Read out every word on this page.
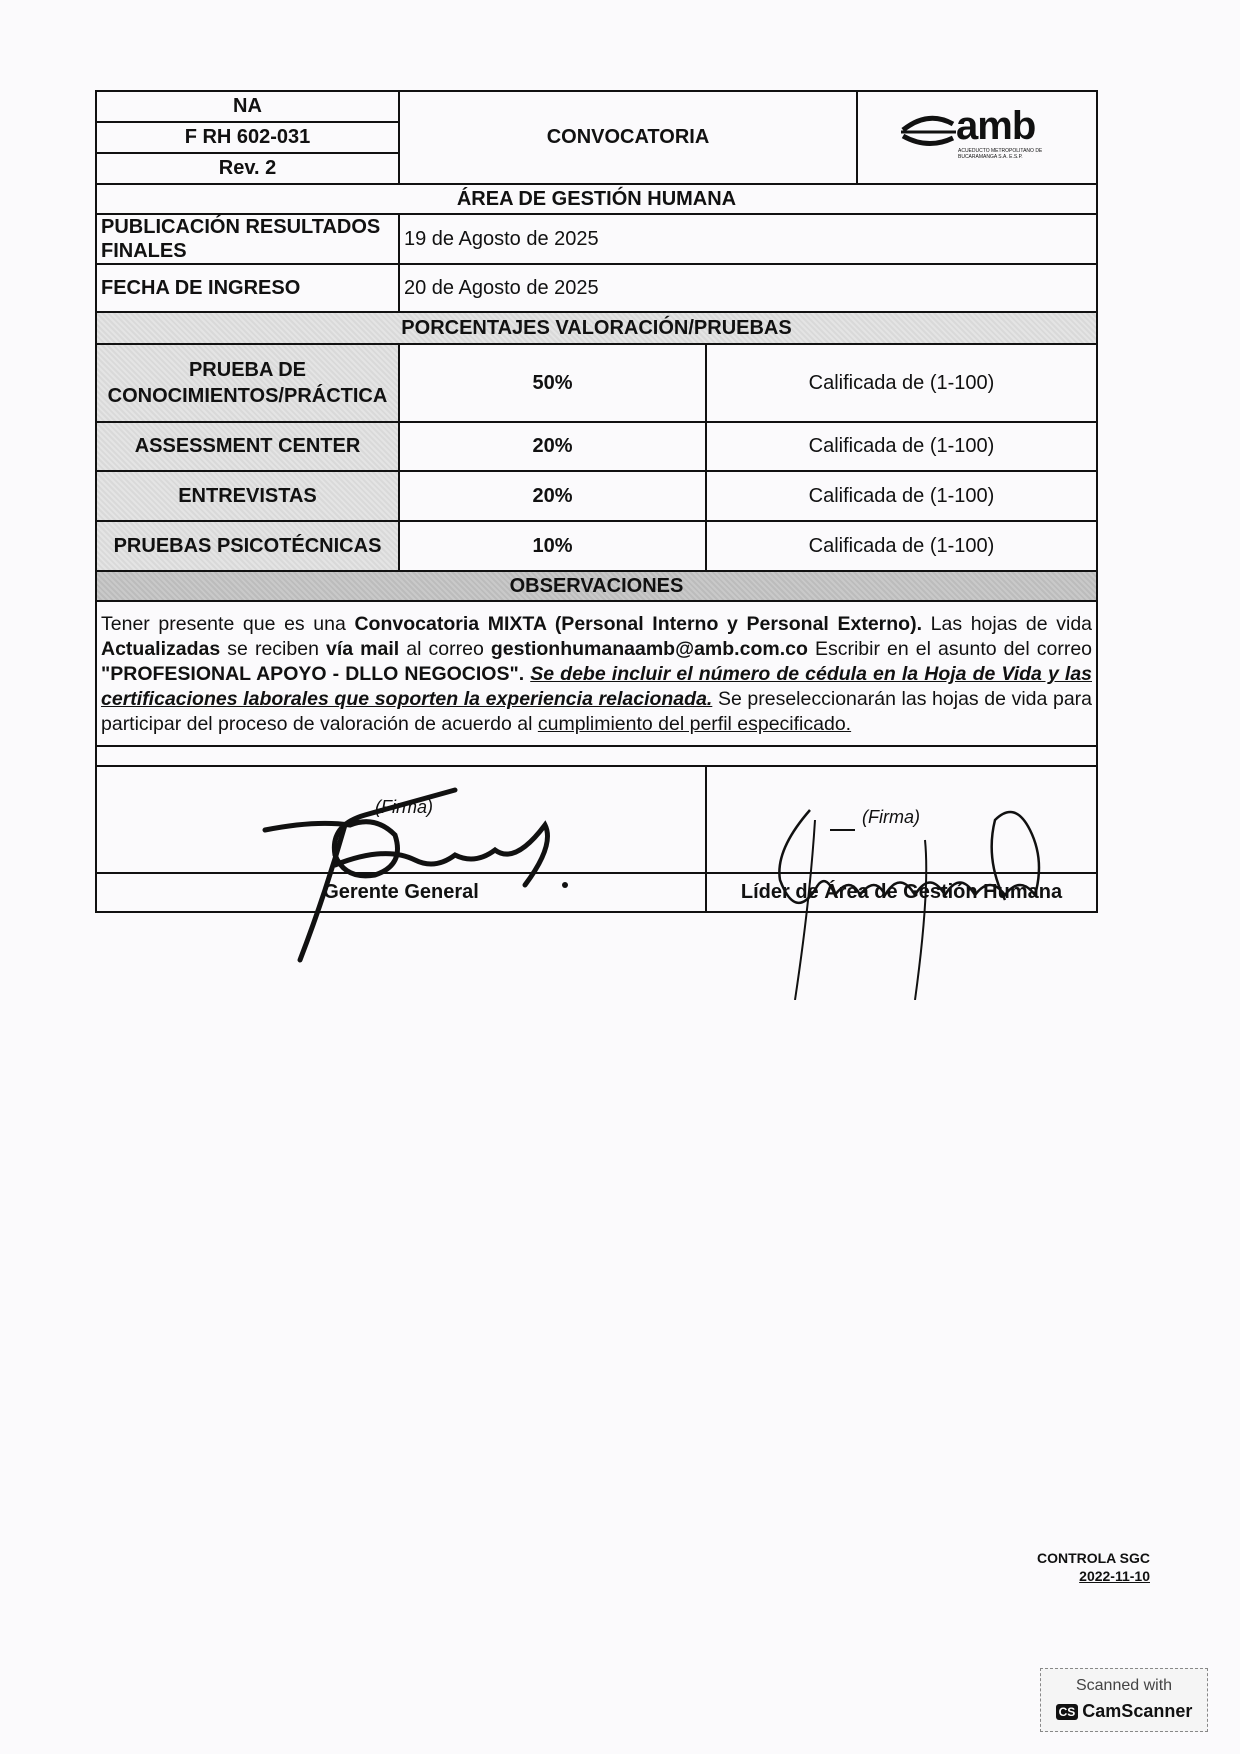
NA	CONVOCATORIA	amb
ACUEDUCTO METROPOLITANO DE BUCARAMANGA S.A. E.S.P.

F RH 602-031
Rev. 2
ÁREA DE GESTIÓN HUMANA		
PUBLICACIÓN RESULTADOS FINALES	19 de Agosto de 2025	
FECHA DE INGRESO	20 de Agosto de 2025	
PORCENTAJES VALORACIÓN/PRUEBAS		
PRUEBA DE CONOCIMIENTOS/PRÁCTICA	50%	Calificada de (1-100)
ASSESSMENT CENTER	20%	Calificada de (1-100)
ENTREVISTAS	20%	Calificada de (1-100)
PRUEBAS PSICOTÉCNICAS	10%	Calificada de (1-100)
OBSERVACIONES		
Tener presente que es una Convocatoria MIXTA (Personal Interno y Personal Externo). Las hojas de vida Actualizadas se reciben vía mail al correo gestionhumanaamb@amb.com.co Escribir en el asunto del correo "PROFESIONAL APOYO - DLLO NEGOCIOS". Se debe incluir el número de cédula en la Hoja de Vida y las certificaciones laborales que soporten la experiencia relacionada. Se preseleccionarán las hojas de vida para participar del proceso de valoración de acuerdo al cumplimiento del perfil especificado.		

(Firma)	(Firma)

Gerente General	Líder de Área de Gestión Humana
CONTROLA SGC
2022-11-10
Scanned with
CS CamScanner
